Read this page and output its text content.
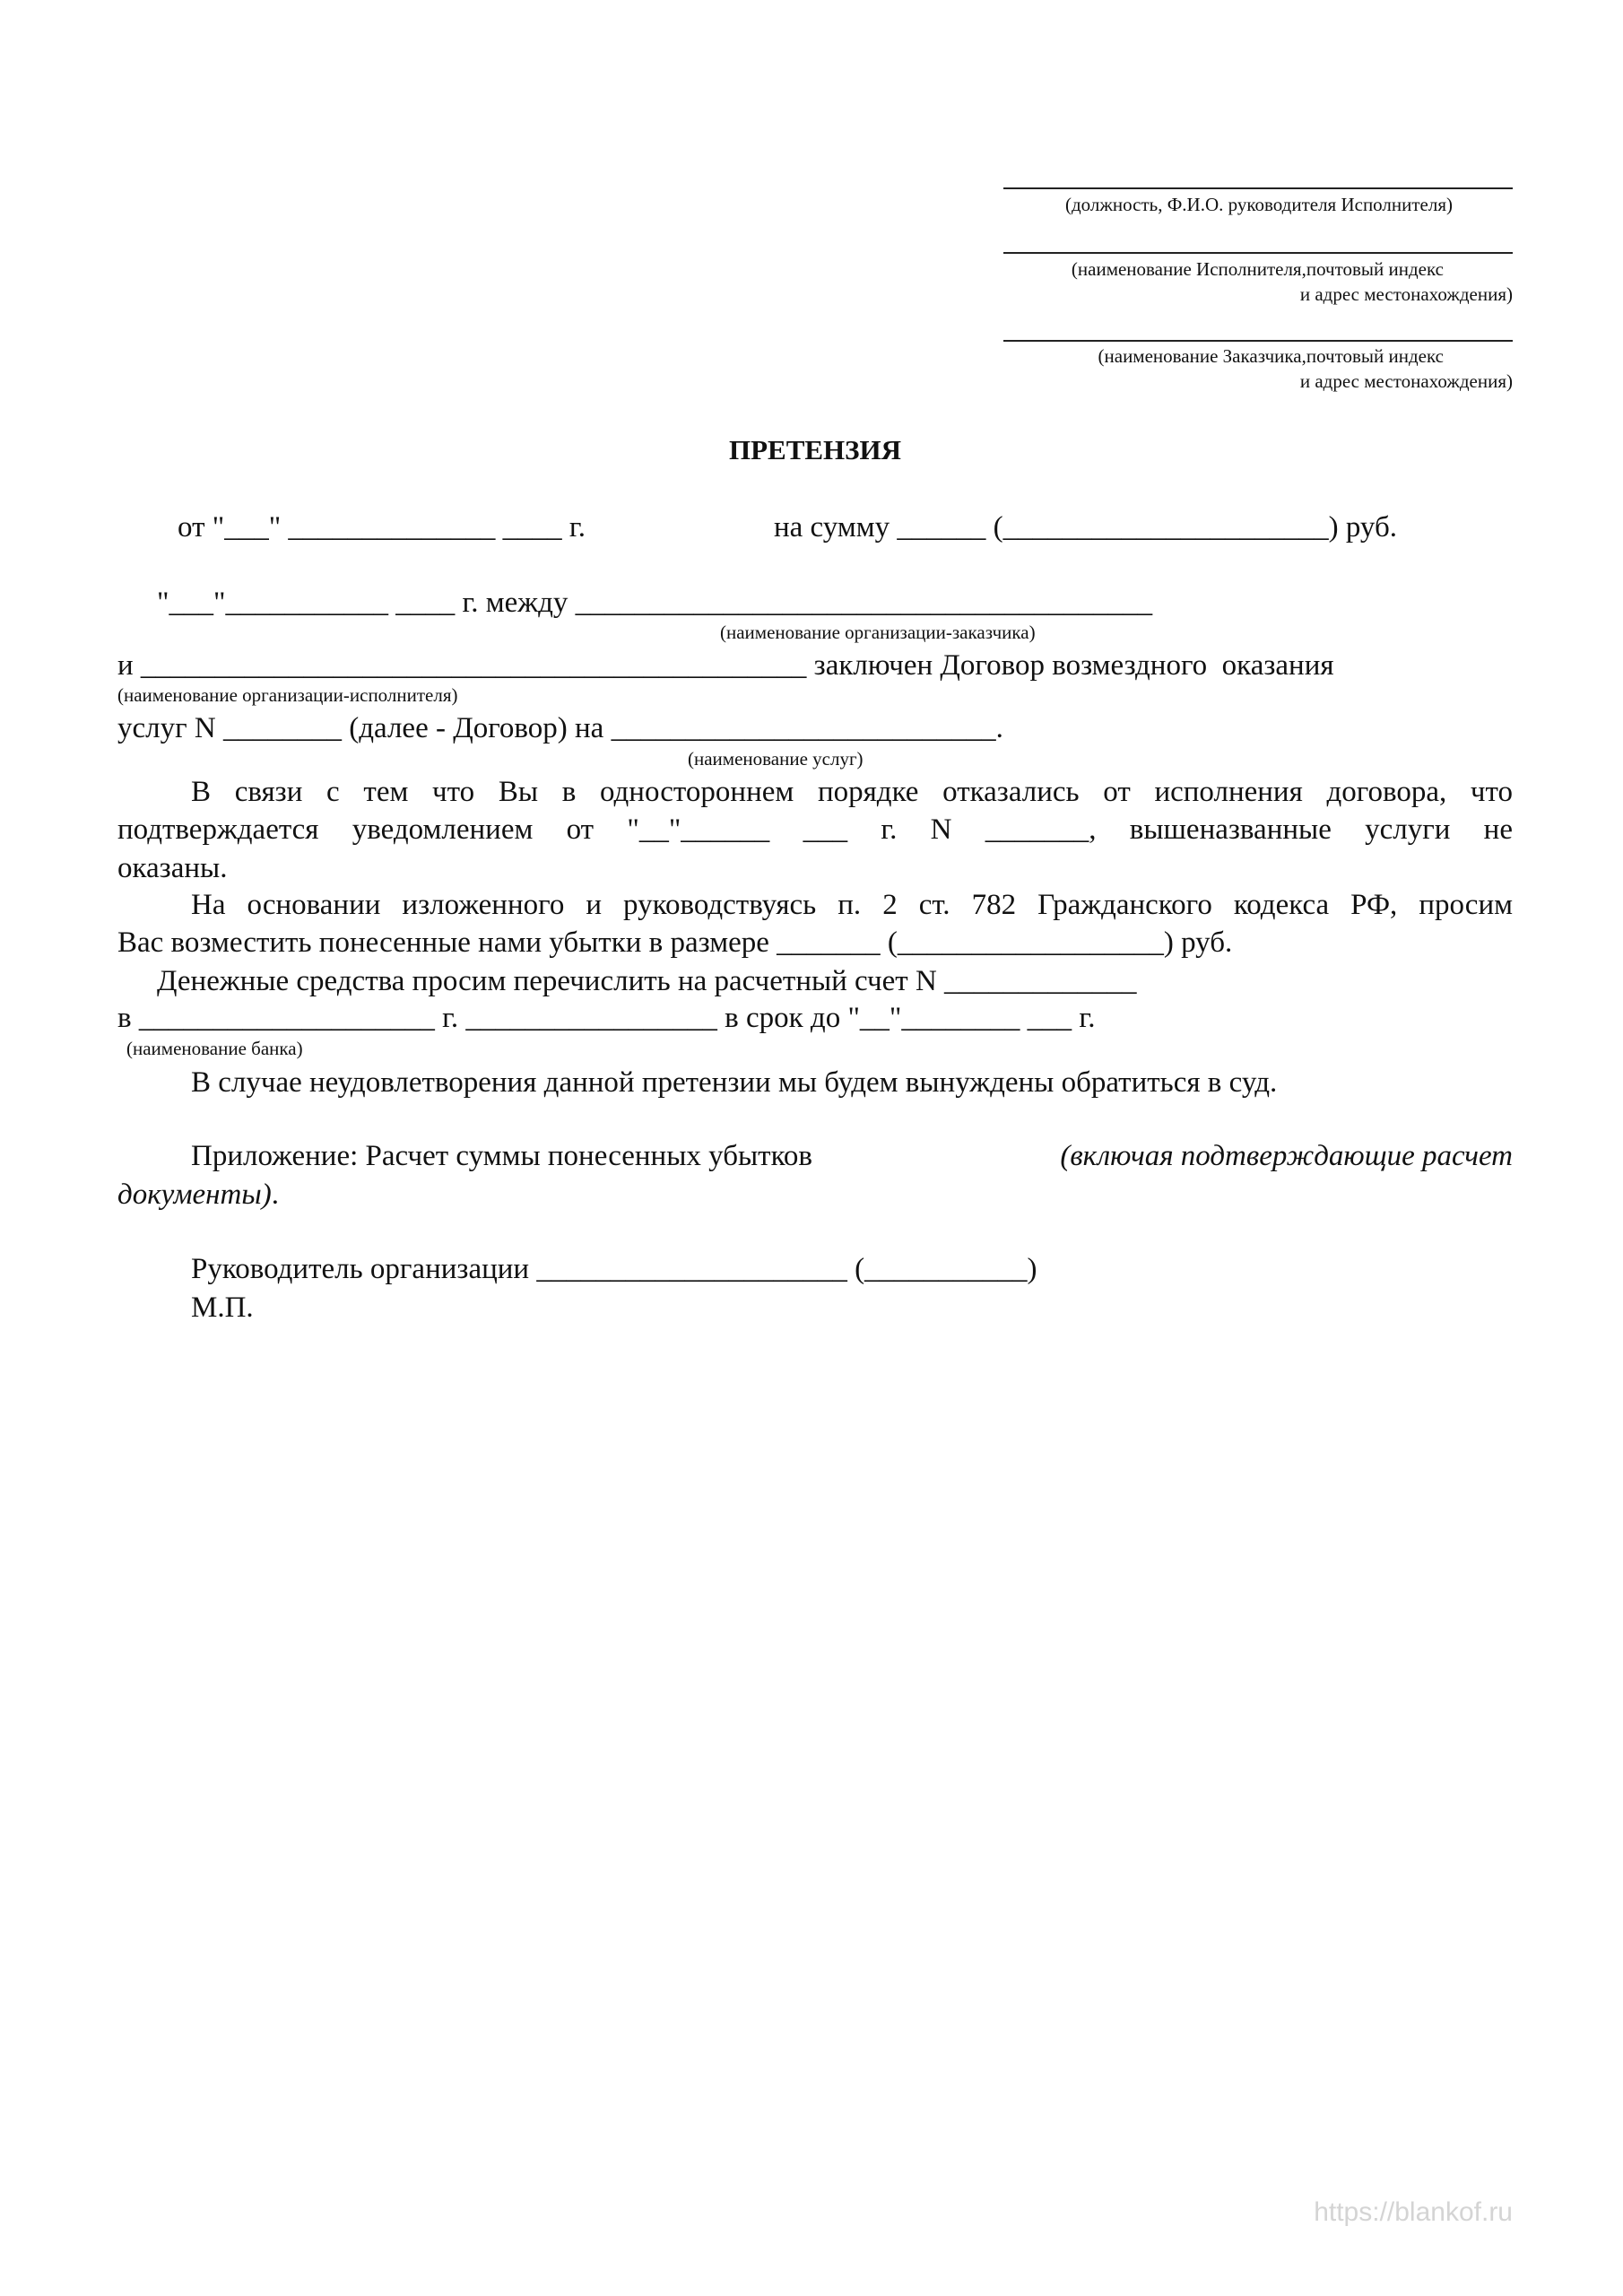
(должность, Ф.И.О. руководителя Исполнителя)
(наименование Исполнителя,почтовый индекс
и адрес местонахождения)
(наименование Заказчика,почтовый индекс
и адрес местонахождения)
ПРЕТЕНЗИЯ
от "___" ______________ ____ г.	на сумму ______ (______________________) руб.
"___"___________ ____ г. между _______________________________________
(наименование организации-заказчика)
и _____________________________________________ заключен Договор возмездного  оказания
(наименование организации-исполнителя)
услуг N ________ (далее - Договор) на __________________________.
(наименование услуг)
В связи с тем что Вы в одностороннем порядке отказались от исполнения договора, что
подтверждается уведомлением от "__"______ ___ г. N _______, вышеназванные услуги не
оказаны.
На основании изложенного и руководствуясь п. 2 ст. 782 Гражданского кодекса РФ, просим
Вас возместить понесенные нами убытки в размере _______ (__________________) руб.
Денежные средства просим перечислить на расчетный счет N _____________
в ____________________ г. _________________ в срок до "__"________ ___ г.
(наименование банка)
В случае неудовлетворения данной претензии мы будем вынуждены обратиться в суд.
Приложение: Расчет суммы понесенных убытков	(включая подтверждающие расчет
документы).
Руководитель организации _____________________ (___________)
М.П.
https://blankof.ru
